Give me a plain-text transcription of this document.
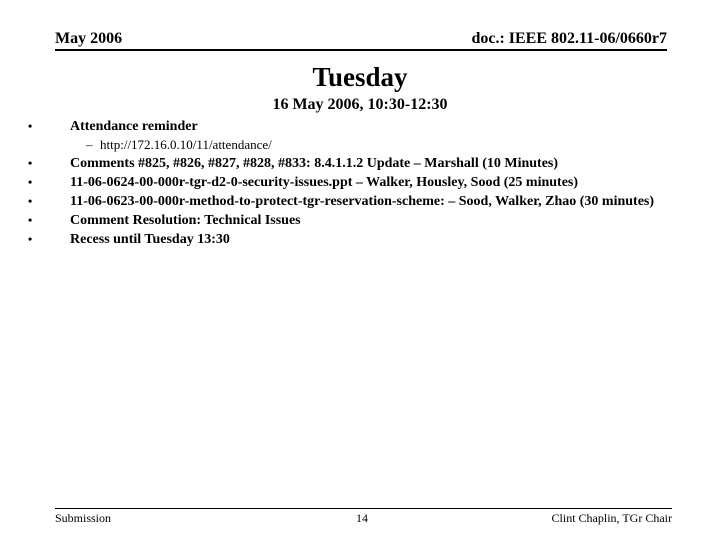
May 2006	doc.: IEEE 802.11-06/0660r7
Tuesday
16 May 2006, 10:30-12:30
•	Attendance reminder
– http://172.16.0.10/11/attendance/
•	Comments #825, #826, #827, #828, #833: 8.4.1.1.2 Update – Marshall (10 Minutes)
•	11-06-0624-00-000r-tgr-d2-0-security-issues.ppt – Walker, Housley, Sood (25 minutes)
•	11-06-0623-00-000r-method-to-protect-tgr-reservation-scheme: – Sood, Walker, Zhao (30 minutes)
•	Comment Resolution: Technical Issues
•	Recess until Tuesday 13:30
Submission	14	Clint Chaplin, TGr Chair
